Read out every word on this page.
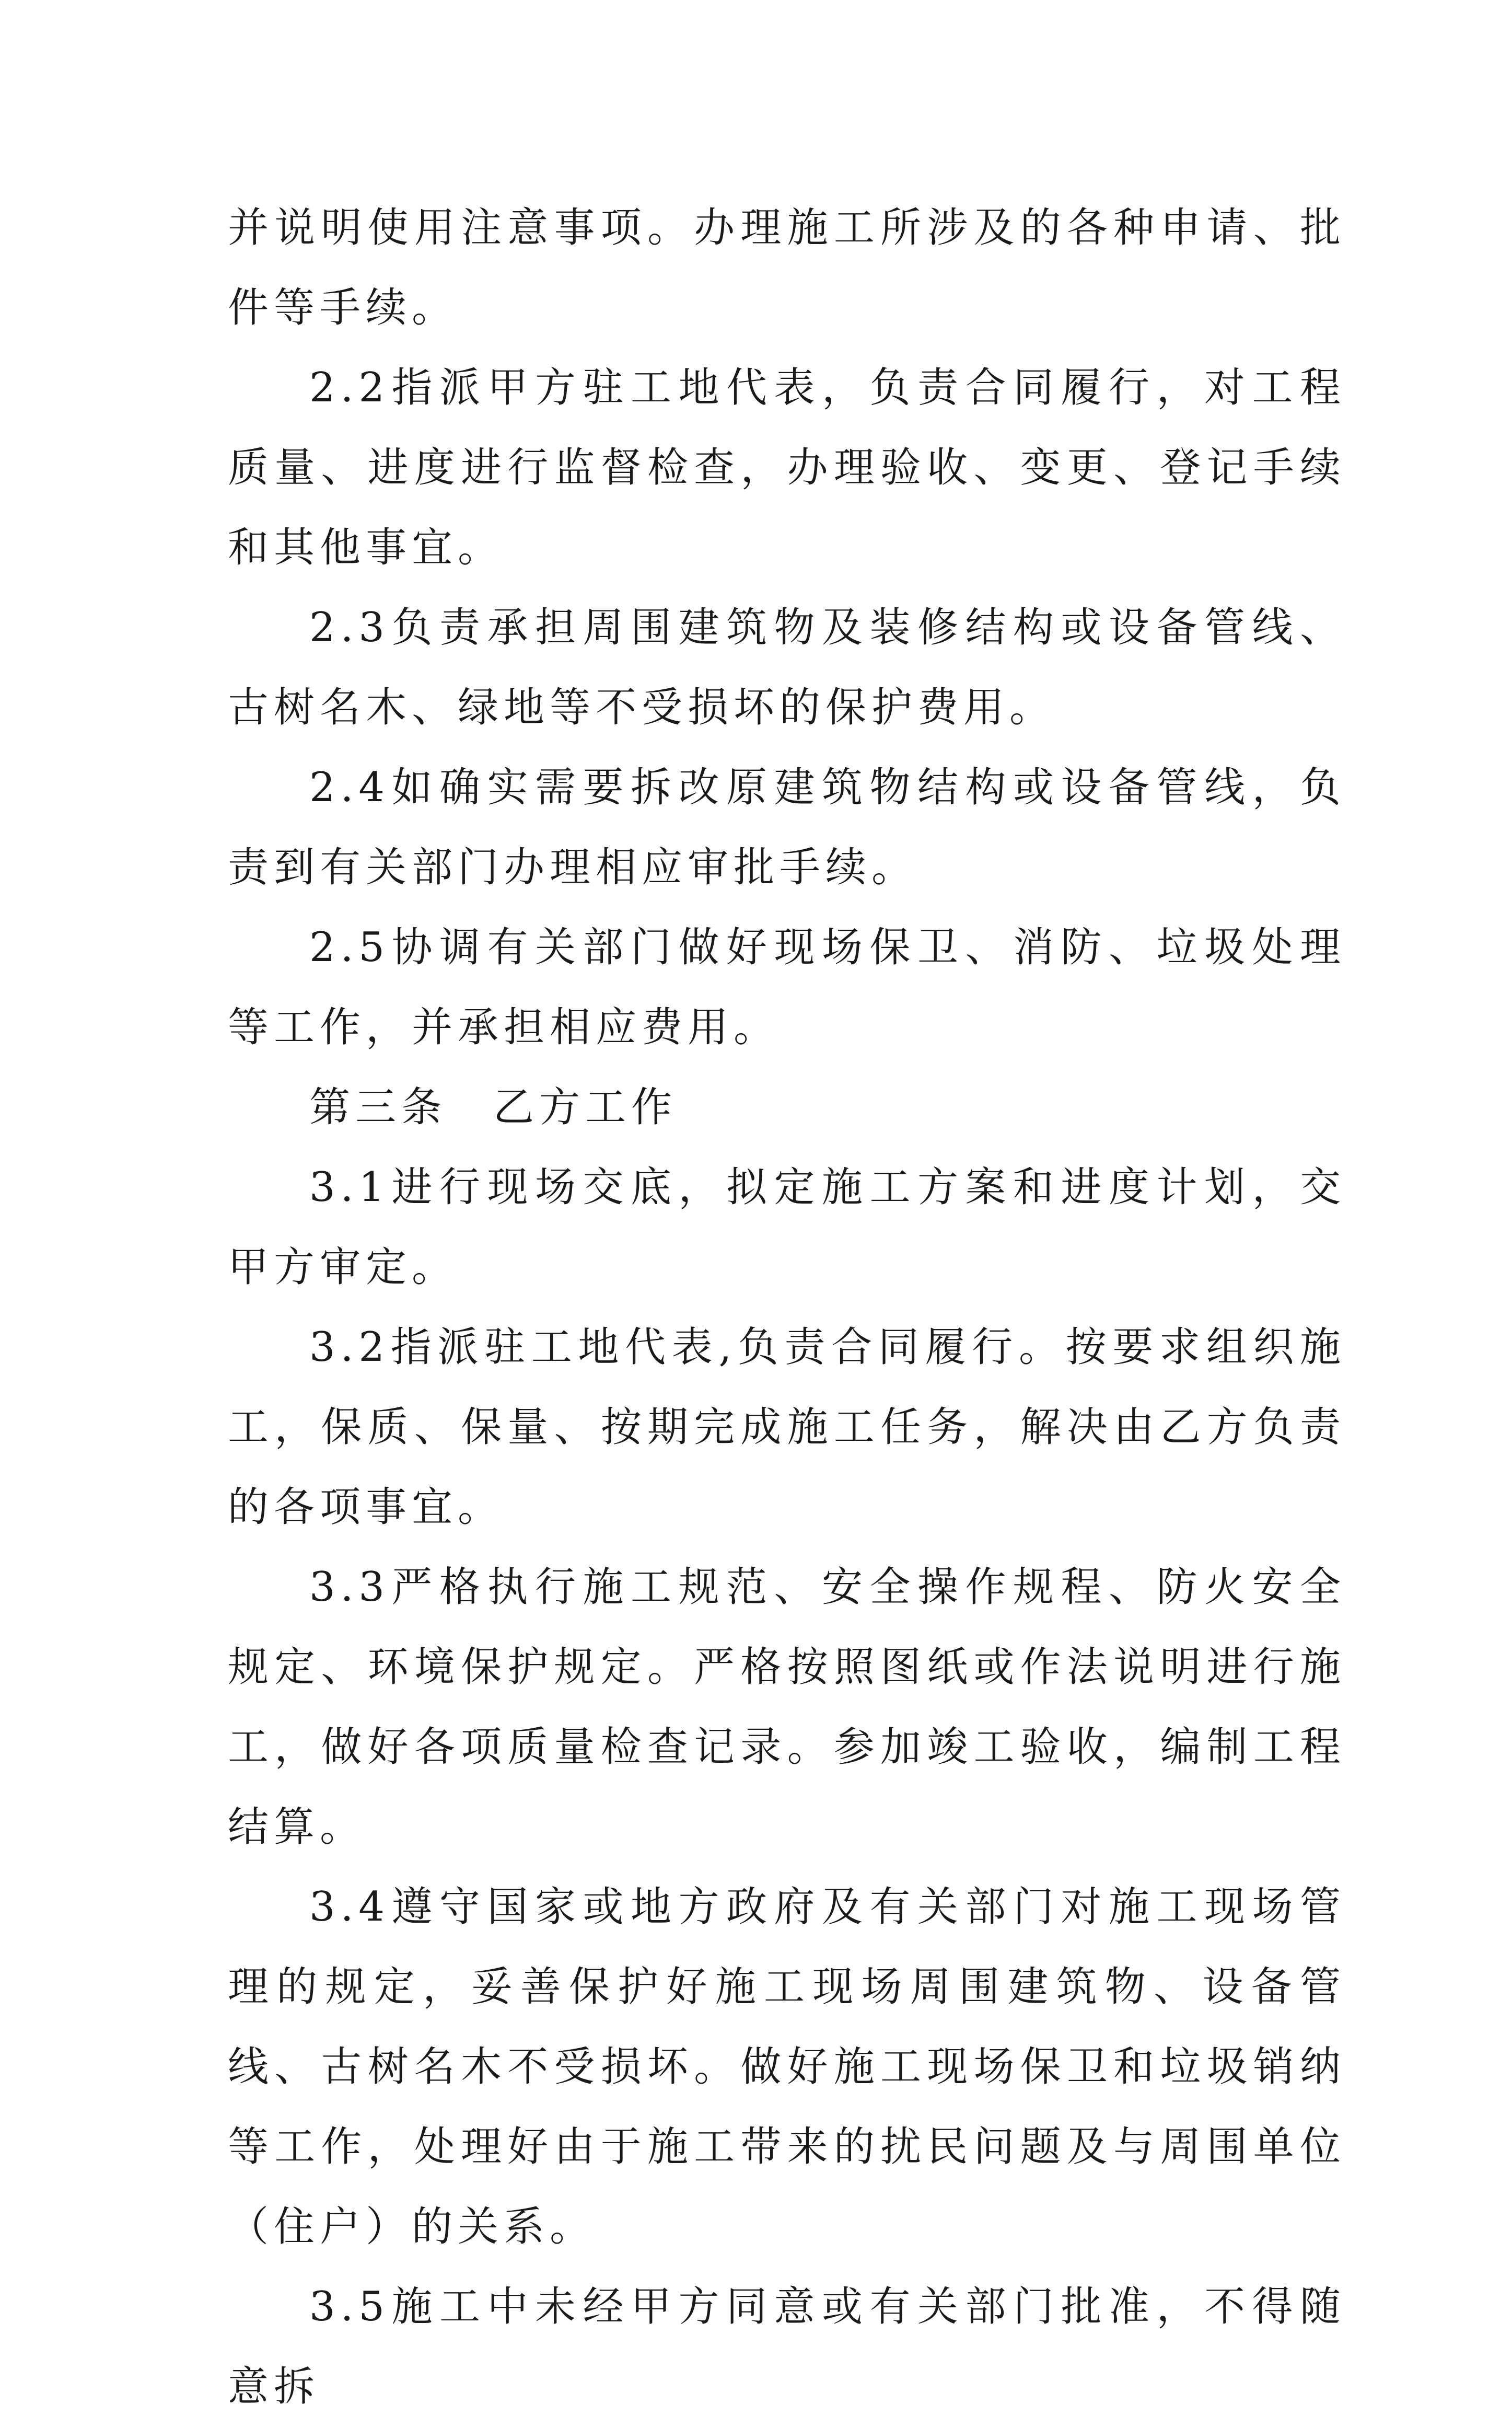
并说明使用注意事项。办理施工所涉及的各种申请、批件等手续。

2.2指派甲方驻工地代表，负责合同履行，对工程质量、进度进行监督检查，办理验收、变更、登记手续和其他事宜。

2.3负责承担周围建筑物及装修结构或设备管线、古树名木、绿地等不受损坏的保护费用。

2.4如确实需要拆改原建筑物结构或设备管线，负责到有关部门办理相应审批手续。

2.5协调有关部门做好现场保卫、消防、垃圾处理等工作，并承担相应费用。

第三条　乙方工作

3.1进行现场交底，拟定施工方案和进度计划，交甲方审定。

3.2指派驻工地代表,负责合同履行。按要求组织施工，保质、保量、按期完成施工任务，解决由乙方负责的各项事宜。

3.3严格执行施工规范、安全操作规程、防火安全规定、环境保护规定。严格按照图纸或作法说明进行施工，做好各项质量检查记录。参加竣工验收，编制工程结算。

3.4遵守国家或地方政府及有关部门对施工现场管理的规定，妥善保护好施工现场周围建筑物、设备管线、古树名木不受损坏。做好施工现场保卫和垃圾销纳等工作，处理好由于施工带来的扰民问题及与周围单位（住户）的关系。

3.5施工中未经甲方同意或有关部门批准，不得随意拆
